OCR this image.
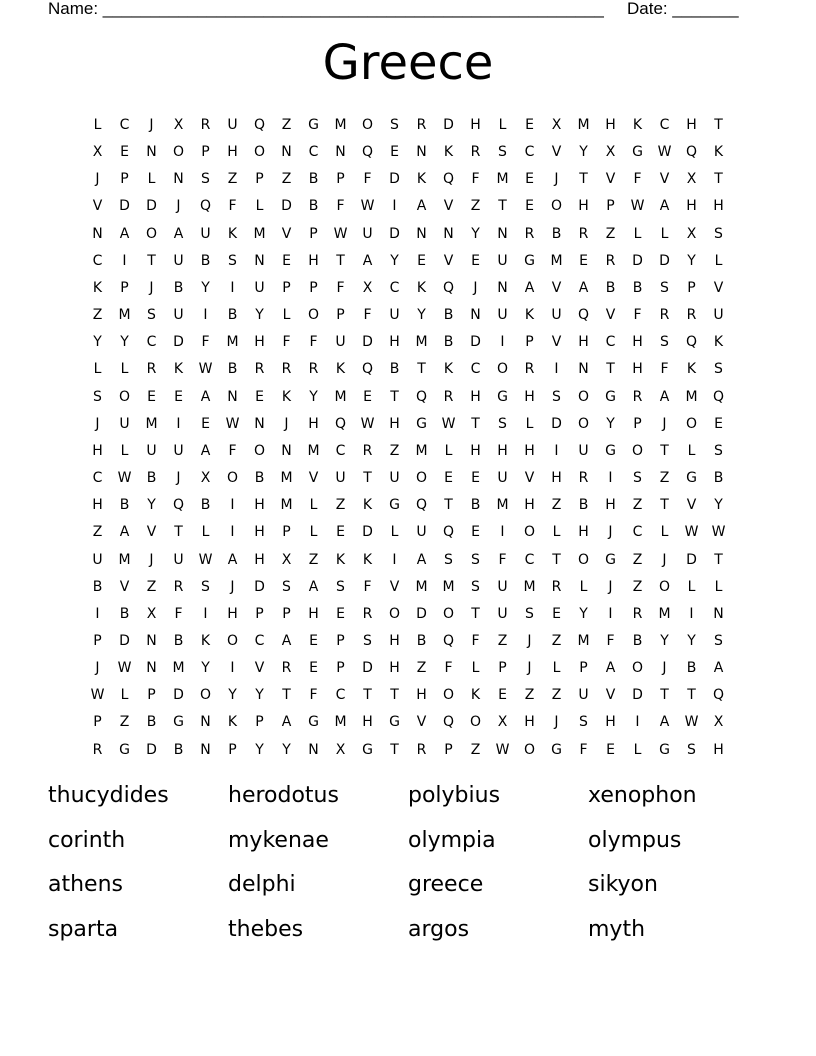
Name: _____________________________________________________ Date: _______
Greece
L	C	J	X	R	U	Q	Z	G	M	O	S	R	D	H	L	E	X	M	H	K	C	H	T
X	E	N	O	P	H	O	N	C	N	Q	E	N	K	R	S	C	V	Y	X	G	W	Q	K
J	P	L	N	S	Z	P	Z	B	P	F	D	K	Q	F	M	E	J	T	V	F	V	X	T
V	D	D	J	Q	F	L	D	B	F	W	I	A	V	Z	T	E	O	H	P	W	A	H	H
N	A	O	A	U	K	M	V	P	W	U	D	N	N	Y	N	R	B	R	Z	L	L	X	S
C	I	T	U	B	S	N	E	H	T	A	Y	E	V	E	U	G	M	E	R	D	D	Y	L
K	P	J	B	Y	I	U	P	P	F	X	C	K	Q	J	N	A	V	A	B	B	S	P	V
Z	M	S	U	I	B	Y	L	O	P	F	U	Y	B	N	U	K	U	Q	V	F	R	R	U
Y	Y	C	D	F	M	H	F	F	U	D	H	M	B	D	I	P	V	H	C	H	S	Q	K
L	L	R	K	W	B	R	R	R	K	Q	B	T	K	C	O	R	I	N	T	H	F	K	S
S	O	E	E	A	N	E	K	Y	M	E	T	Q	R	H	G	H	S	O	G	R	A	M	Q
J	U	M	I	E	W	N	J	H	Q	W	H	G	W	T	S	L	D	O	Y	P	J	O	E
H	L	U	U	A	F	O	N	M	C	R	Z	M	L	H	H	H	I	U	G	O	T	L	S
C	W	B	J	X	O	B	M	V	U	T	U	O	E	E	U	V	H	R	I	S	Z	G	B
H	B	Y	Q	B	I	H	M	L	Z	K	G	Q	T	B	M	H	Z	B	H	Z	T	V	Y
Z	A	V	T	L	I	H	P	L	E	D	L	U	Q	E	I	O	L	H	J	C	L	W W
U	M	J	U	W	A	H	X	Z	K	K	I	A	S	S	F	C	T	O	G	Z	J	D	T
B	V	Z	R	S	J	D	S	A	S	F	V	M	M	S	U	M	R	L	J	Z	O	L	L
I	B	X	F	I	H	P	P	H	E	R	O	D	O	T	U	S	E	Y	I	R	M	I	N
P	D	N	B	K	O	C	A	E	P	S	H	B	Q	F	Z	J	Z	M	F	B	Y	Y	S
J	W	N	M	Y	I	V	R	E	P	D	H	Z	F	L	P	J	L	P	A	O	J	B	A
W	L	P	D	O	Y	Y	T	F	C	T	T	H	O	K	E	Z	Z	U	V	D	T	T	Q
P	Z	B	G	N	K	P	A	G	M	H	G	V	Q	O	X	H	J	S	H	I	A	W	X
R	G	D	B	N	P	Y	Y	N	X	G	T	R	P	Z	W	O	G	F	E	L	G	S	H
thucydides	herodotus	polybius	xenophon
corinth	mykenae	olympia	olympus
athens	delphi	greece	sikyon
sparta	thebes	argos	myth
